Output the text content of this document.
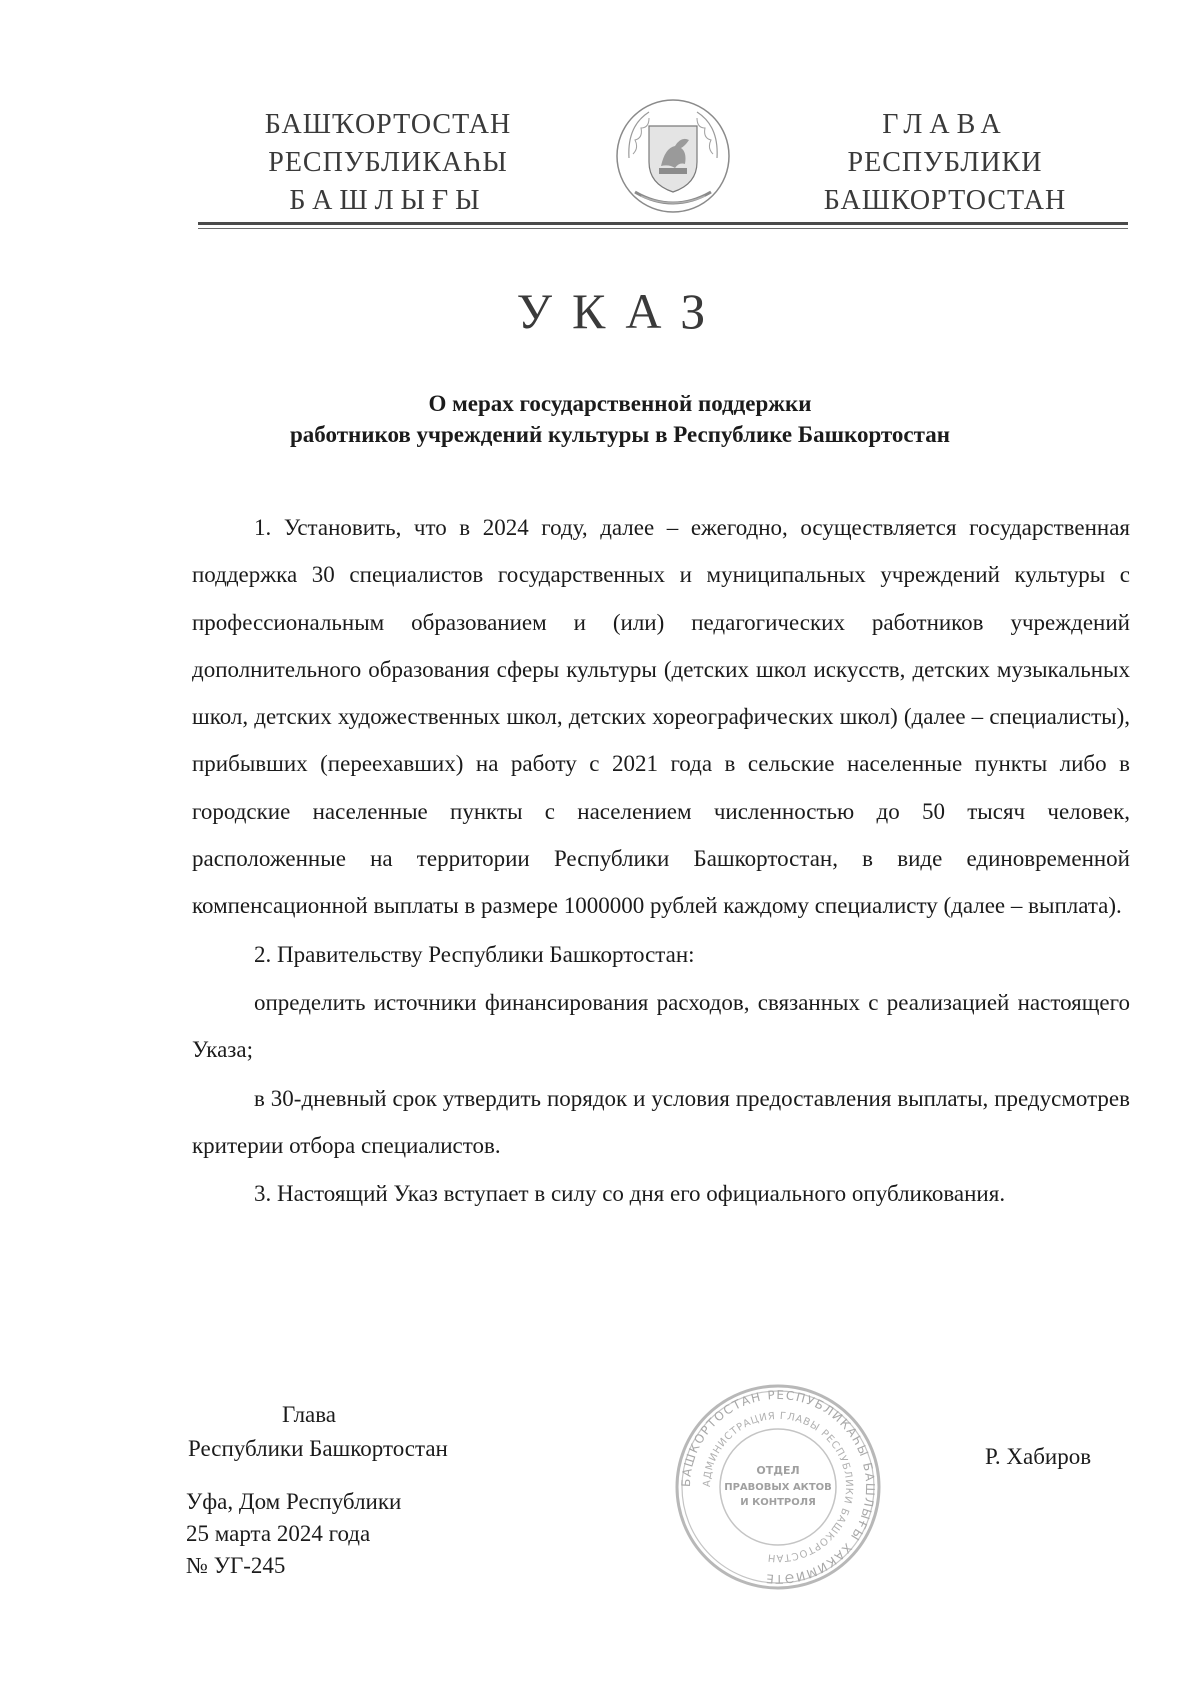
БАШҠОРТОСТАН
РЕСПУБЛИКАҺЫ
БАШЛЫҒЫ
ГЛАВА
РЕСПУБЛИКИ
БАШКОРТОСТАН
УКАЗ
О мерах государственной поддержки
работников учреждений культуры в Республике Башкортостан

1. Установить, что в 2024 году, далее – ежегодно, осуществляется государственная поддержка 30 специалистов государственных и муниципальных учреждений культуры с профессиональным образованием и (или) педагогических работников учреждений дополнительного образования сферы культуры (детских школ искусств, детских музыкальных школ, детских художественных школ, детских хореографических школ) (далее – специалисты), прибывших (переехавших) на работу с 2021 года в сельские населенные пункты либо в городские населенные пункты с населением численностью до 50 тысяч человек, расположенные на территории Республики Башкортостан, в виде единовременной компенсационной выплаты в размере 1000000 рублей каждому специалисту (далее – выплата).

2. Правительству Республики Башкортостан:

определить источники финансирования расходов, связанных с реализацией настоящего Указа;

в 30-дневный срок утвердить порядок и условия предоставления выплаты, предусмотрев критерии отбора специалистов.

3. Настоящий Указ вступает в силу со дня его официального опубликования.

Глава
Республики Башкортостан
БАШКОРТОСТАН РЕСПУБЛИКАҺЫ БАШЛЫҒЫ ХАКИМИӘТЕ
АДМИНИСТРАЦИЯ ГЛАВЫ РЕСПУБЛИКИ БАШКОРТОСТАН
ОТДЕЛ
ПРАВОВЫХ АКТОВ
И КОНТРОЛЯ
Р. Хабиров
Уфа, Дом Республики
25 марта 2024 года
№ УГ-245
